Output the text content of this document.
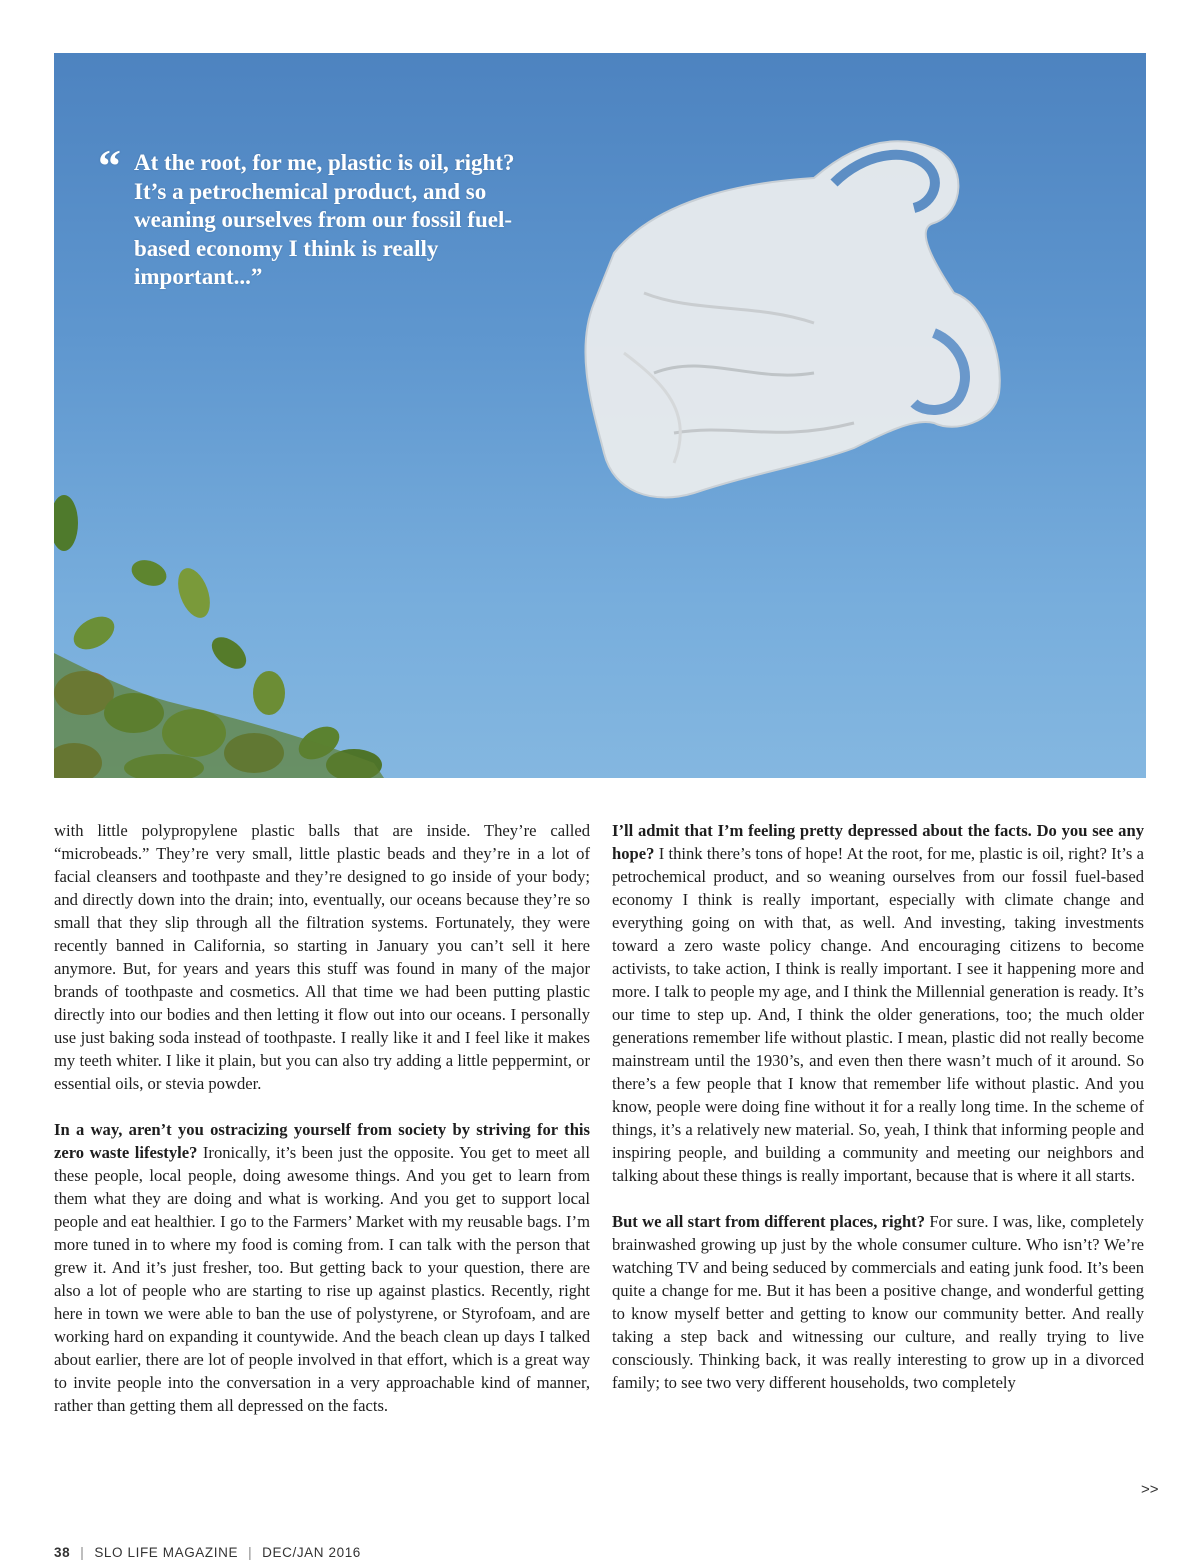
“ At the root, for me, plastic is oil, right? It’s a petrochemical product, and so weaning ourselves from our fossil fuel-based economy I think is really important...”

with little polypropylene plastic balls that are inside. They’re called “microbeads.” They’re very small, little plastic beads and they’re in a lot of facial cleansers and toothpaste and they’re designed to go inside of your body; and directly down into the drain; into, eventually, our oceans because they’re so small that they slip through all the filtration systems. Fortunately, they were recently banned in California, so starting in January you can’t sell it here anymore. But, for years and years this stuff was found in many of the major brands of toothpaste and cosmetics. All that time we had been putting plastic directly into our bodies and then letting it flow out into our oceans. I personally use just baking soda instead of toothpaste. I really like it and I feel like it makes my teeth whiter. I like it plain, but you can also try adding a little peppermint, or essential oils, or stevia powder.

In a way, aren’t you ostracizing yourself from society by striving for this zero waste lifestyle? Ironically, it’s been just the opposite. You get to meet all these people, local people, doing awesome things. And you get to learn from them what they are doing and what is working. And you get to support local people and eat healthier. I go to the Farmers’ Market with my reusable bags. I’m more tuned in to where my food is coming from. I can talk with the person that grew it. And it’s just fresher, too. But getting back to your question, there are also a lot of people who are starting to rise up against plastics. Recently, right here in town we were able to ban the use of polystyrene, or Styrofoam, and are working hard on expanding it countywide. And the beach clean up days I talked about earlier, there are lot of people involved in that effort, which is a great way to invite people into the conversation in a very approachable kind of manner, rather than getting them all depressed on the facts.

I’ll admit that I’m feeling pretty depressed about the facts. Do you see any hope? I think there’s tons of hope! At the root, for me, plastic is oil, right? It’s a petrochemical product, and so weaning ourselves from our fossil fuel-based economy I think is really important, especially with climate change and everything going on with that, as well. And investing, taking investments toward a zero waste policy change. And encouraging citizens to become activists, to take action, I think is really important. I see it happening more and more. I talk to people my age, and I think the Millennial generation is ready. It’s our time to step up. And, I think the older generations, too; the much older generations remember life without plastic. I mean, plastic did not really become mainstream until the 1930’s, and even then there wasn’t much of it around. So there’s a few people that I know that remember life without plastic. And you know, people were doing fine without it for a really long time. In the scheme of things, it’s a relatively new material. So, yeah, I think that informing people and inspiring people, and building a community and meeting our neighbors and talking about these things is really important, because that is where it all starts.

But we all start from different places, right? For sure. I was, like, completely brainwashed growing up just by the whole consumer culture. Who isn’t? We’re watching TV and being seduced by commercials and eating junk food. It’s been quite a change for me. But it has been a positive change, and wonderful getting to know myself better and getting to know our community better. And really taking a step back and witnessing our culture, and really trying to live consciously. Thinking back, it was really interesting to grow up in a divorced family; to see two very different households, two completely

>>
38 | SLO LIFE MAGAZINE | DEC/JAN 2016
